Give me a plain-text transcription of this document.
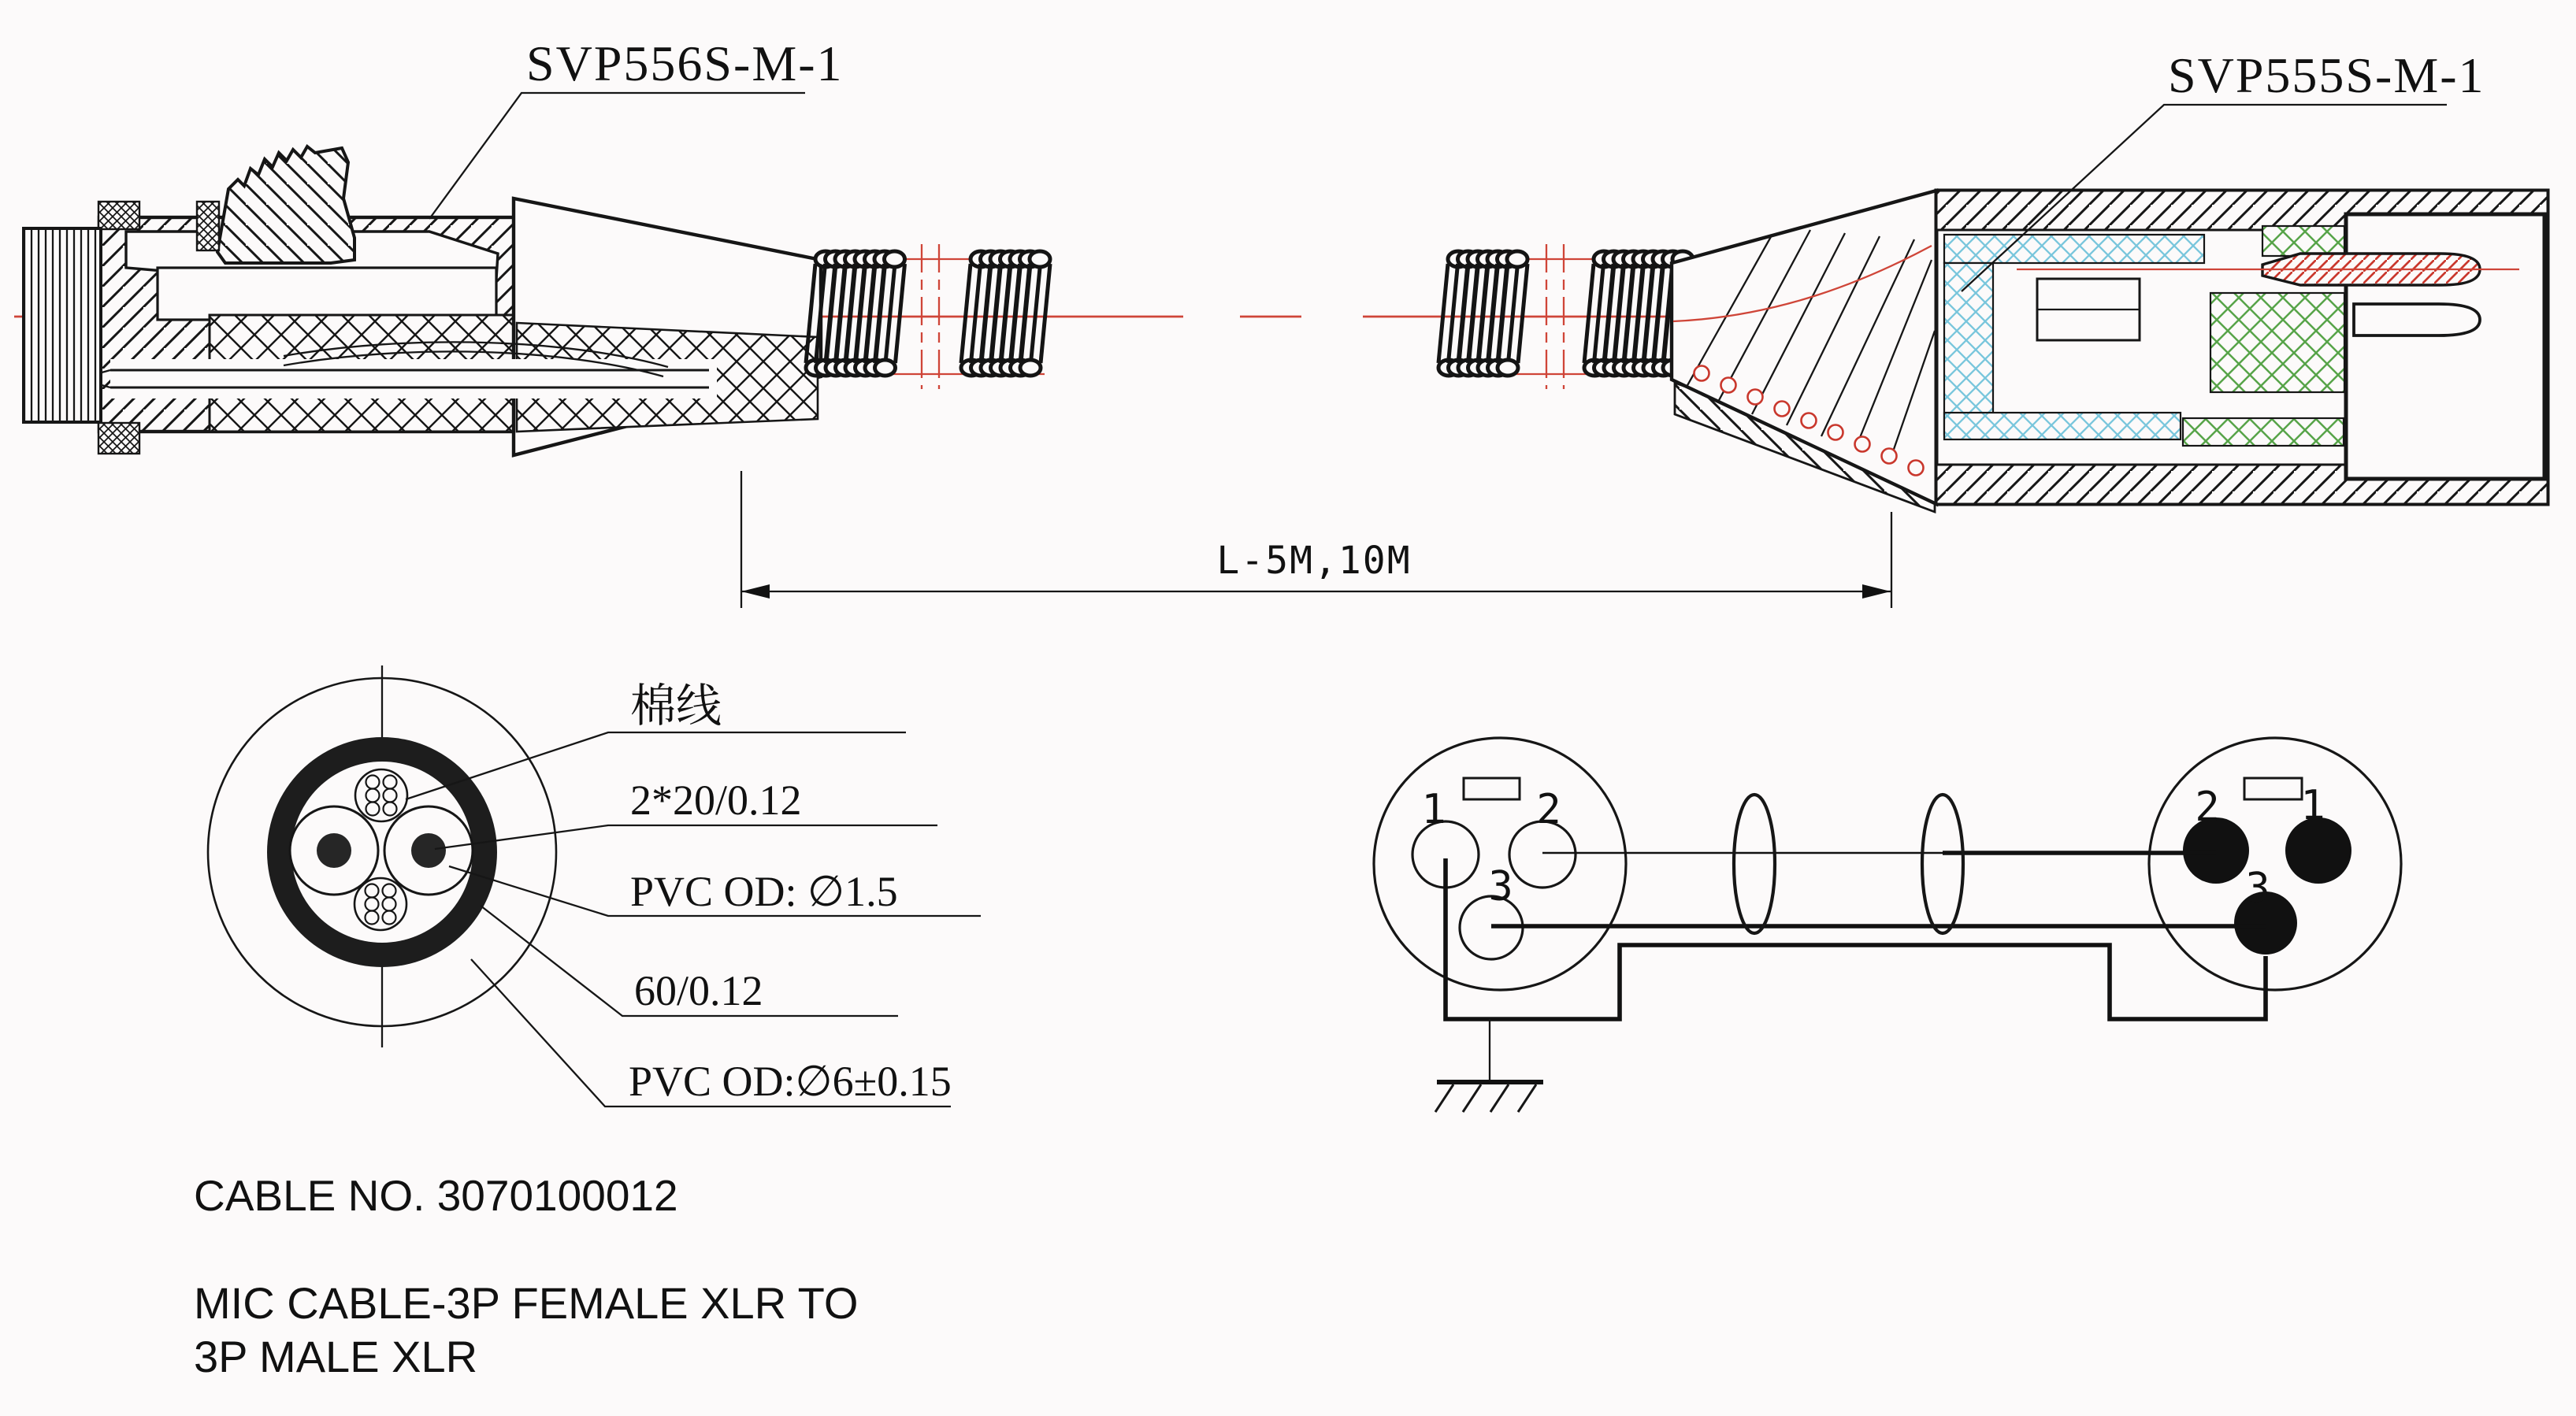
SVP556S-M-1	SVP555S-M-1
L-5M,10M
棉线
2*20/0.12
PVC OD: ∅1.5
60/0.12
PVC OD:∅6±0.15
1 2
3
2 1
3
CABLE NO. 3070100012
MIC CABLE-3P FEMALE XLR TO
3P MALE XLR
